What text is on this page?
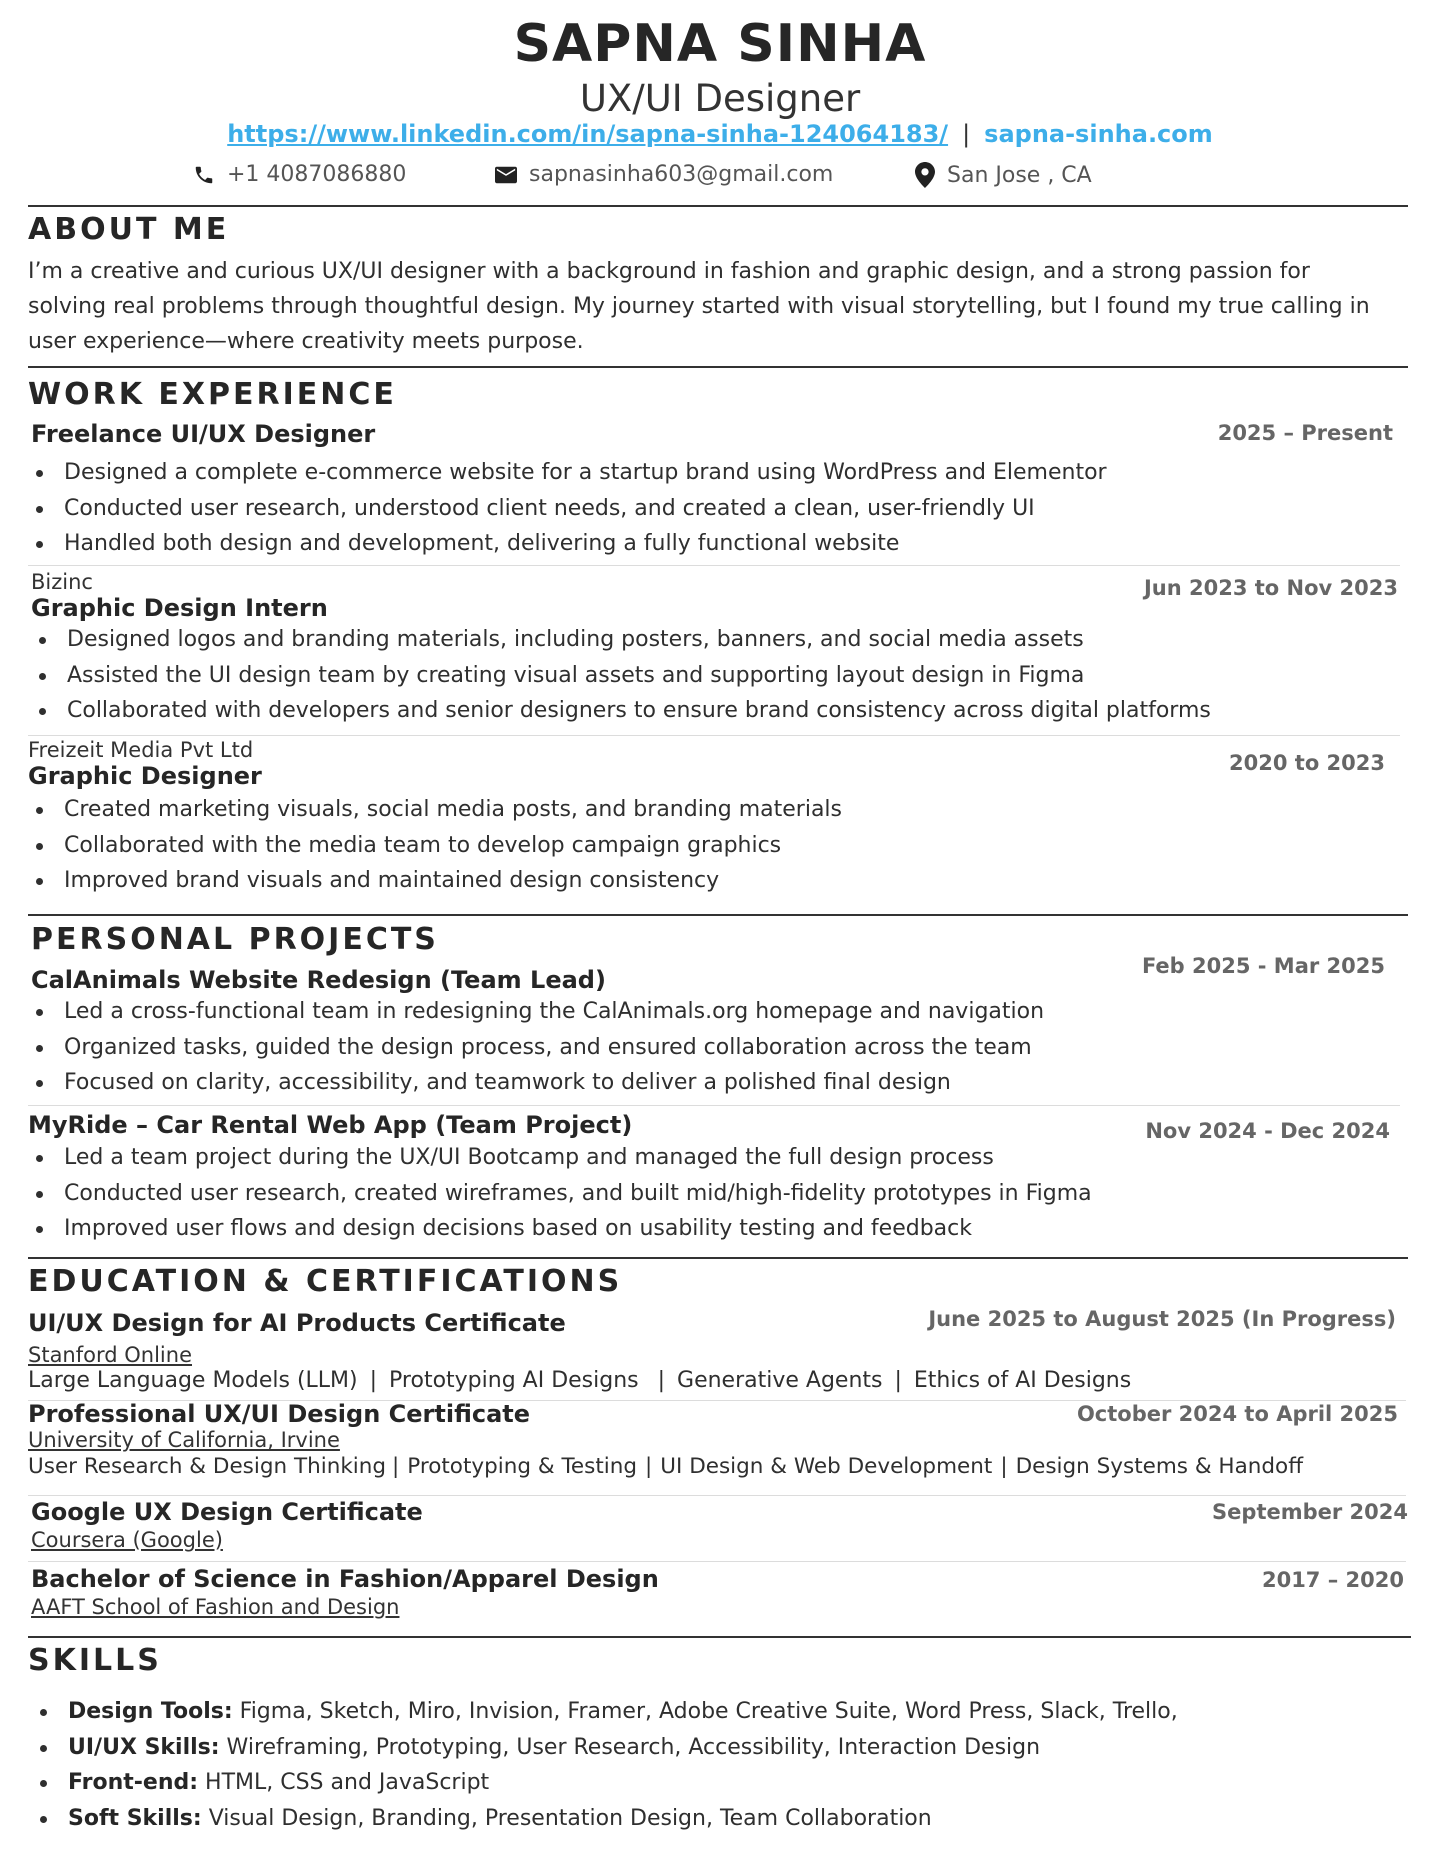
SAPNA SINHA
UX/UI Designer
https://www.linkedin.com/in/sapna-sinha-124064183/ | sapna-sinha.com
+1 4087086880	sapnasinha603@gmail.com	San Jose , CA
ABOUT ME
I’m a creative and curious UX/UI designer with a background in fashion and graphic design, and a strong passion for
solving real problems through thoughtful design. My journey started with visual storytelling, but I found my true calling in
user experience—where creativity meets purpose.
WORK EXPERIENCE
Freelance UI/UX Designer	2025 – Present
Designed a complete e-commerce website for a startup brand using WordPress and Elementor
Conducted user research, understood client needs, and created a clean, user-friendly UI
Handled both design and development, delivering a fully functional website
Bizinc
Graphic Design Intern
Jun 2023 to Nov 2023
Designed logos and branding materials, including posters, banners, and social media assets
Assisted the UI design team by creating visual assets and supporting layout design in Figma
Collaborated with developers and senior designers to ensure brand consistency across digital platforms
Freizeit Media Pvt Ltd
Graphic Designer	2020 to 2023
Created marketing visuals, social media posts, and branding materials
Collaborated with the media team to develop campaign graphics
Improved brand visuals and maintained design consistency
PERSONAL PROJECTS
CalAnimals Website Redesign (Team Lead)	Feb 2025 - Mar 2025
Led a cross-functional team in redesigning the CalAnimals.org homepage and navigation
Organized tasks, guided the design process, and ensured collaboration across the team
Focused on clarity, accessibility, and teamwork to deliver a polished final design
MyRide – Car Rental Web App (Team Project)	Nov 2024 - Dec 2024
Led a team project during the UX/UI Bootcamp and managed the full design process
Conducted user research, created wireframes, and built mid/high-fidelity prototypes in Figma
Improved user flows and design decisions based on usability testing and feedback
EDUCATION & CERTIFICATIONS
UI/UX Design for AI Products Certificate	June 2025 to August 2025 (In Progress)
Stanford Online
Large Language Models (LLM) | Prototyping AI Designs | Generative Agents | Ethics of AI Designs
Professional UX/UI Design Certificate	October 2024 to April 2025
University of California, Irvine
User Research & Design Thinking | Prototyping & Testing | UI Design & Web Development | Design Systems & Handoff
Google UX Design Certificate	September 2024
Coursera (Google)
Bachelor of Science in Fashion/Apparel Design	2017 – 2020
AAFT School of Fashion and Design
SKILLS
Design Tools: Figma, Sketch, Miro, Invision, Framer, Adobe Creative Suite, Word Press, Slack, Trello,
UI/UX Skills: Wireframing, Prototyping, User Research, Accessibility, Interaction Design
Front-end: HTML, CSS and JavaScript
Soft Skills: Visual Design, Branding, Presentation Design, Team Collaboration
